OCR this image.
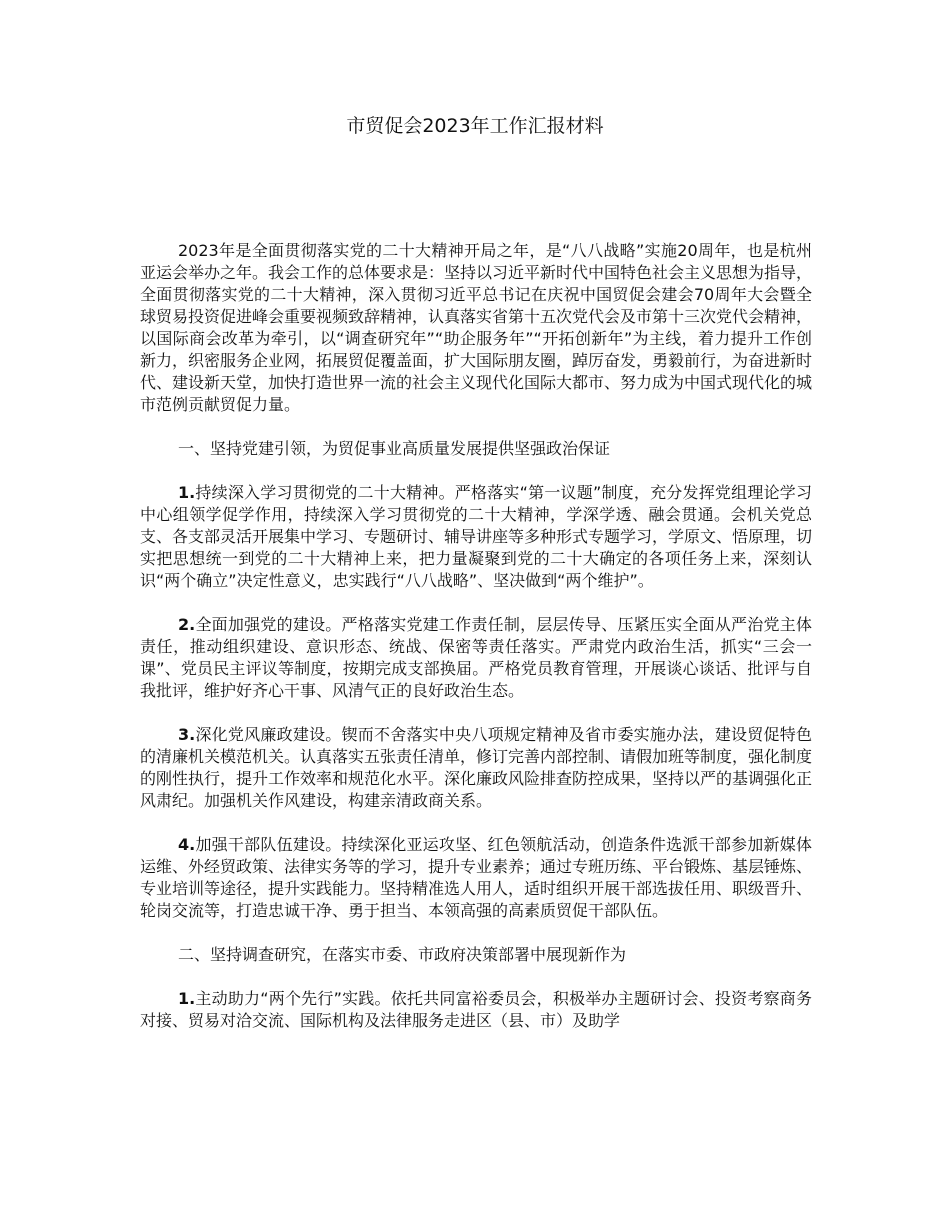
市贸促会2023年工作汇报材料

2023年是全面贯彻落实党的二十大精神开局之年，是“八八战略”实施20周年，也是杭州亚运会举办之年。我会工作的总体要求是：坚持以习近平新时代中国特色社会主义思想为指导，全面贯彻落实党的二十大精神，深入贯彻习近平总书记在庆祝中国贸促会建会70周年大会暨全球贸易投资促进峰会重要视频致辞精神，认真落实省第十五次党代会及市第十三次党代会精神，以国际商会改革为牵引，以“调查研究年”“助企服务年”“开拓创新年”为主线，着力提升工作创新力，织密服务企业网，拓展贸促覆盖面，扩大国际朋友圈，踔厉奋发，勇毅前行，为奋进新时代、建设新天堂，加快打造世界一流的社会主义现代化国际大都市、努力成为中国式现代化的城市范例贡献贸促力量。

一、坚持党建引领，为贸促事业高质量发展提供坚强政治保证

1.持续深入学习贯彻党的二十大精神。严格落实“第一议题”制度，充分发挥党组理论学习中心组领学促学作用，持续深入学习贯彻党的二十大精神，学深学透、融会贯通。会机关党总支、各支部灵活开展集中学习、专题研讨、辅导讲座等多种形式专题学习，学原文、悟原理，切实把思想统一到党的二十大精神上来，把力量凝聚到党的二十大确定的各项任务上来，深刻认识“两个确立”决定性意义，忠实践行“八八战略”、坚决做到“两个维护”。

2.全面加强党的建设。严格落实党建工作责任制，层层传导、压紧压实全面从严治党主体责任，推动组织建设、意识形态、统战、保密等责任落实。严肃党内政治生活，抓实“三会一课”、党员民主评议等制度，按期完成支部换届。严格党员教育管理，开展谈心谈话、批评与自我批评，维护好齐心干事、风清气正的良好政治生态。

3.深化党风廉政建设。锲而不舍落实中央八项规定精神及省市委实施办法，建设贸促特色的清廉机关模范机关。认真落实五张责任清单，修订完善内部控制、请假加班等制度，强化制度的刚性执行，提升工作效率和规范化水平。深化廉政风险排查防控成果，坚持以严的基调强化正风肃纪。加强机关作风建设，构建亲清政商关系。

4.加强干部队伍建设。持续深化亚运攻坚、红色领航活动，创造条件选派干部参加新媒体运维、外经贸政策、法律实务等的学习，提升专业素养；通过专班历练、平台锻炼、基层锤炼、专业培训等途径，提升实践能力。坚持精准选人用人，适时组织开展干部选拔任用、职级晋升、轮岗交流等，打造忠诚干净、勇于担当、本领高强的高素质贸促干部队伍。

二、坚持调查研究，在落实市委、市政府决策部署中展现新作为

1.主动助力“两个先行”实践。依托共同富裕委员会，积极举办主题研讨会、投资考察商务对接、贸易对洽交流、国际机构及法律服务走进区（县、市）及助学
